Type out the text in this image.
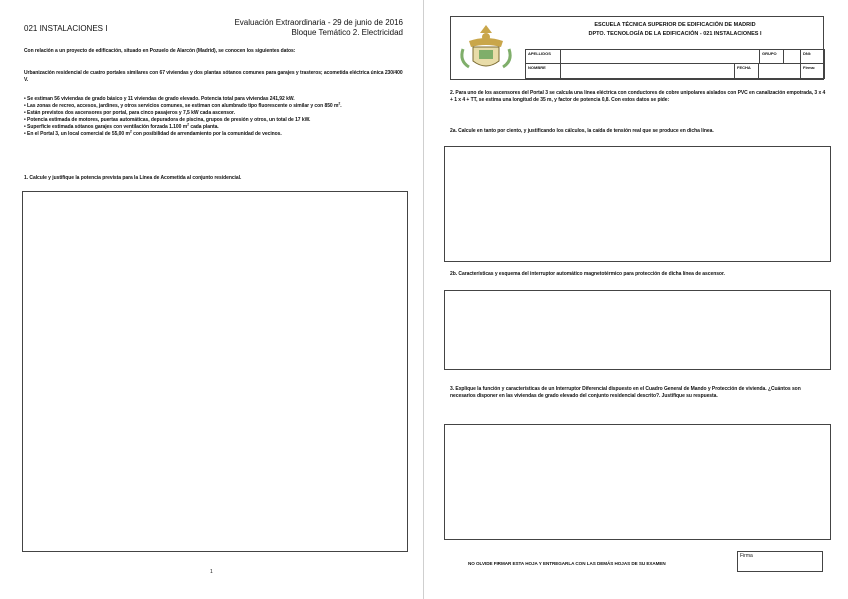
021 INSTALACIONES I
Evaluación Extraordinaria - 29 de junio de 2016
Bloque Temático 2. Electricidad
Con relación a un proyecto de edificación, situado en Pozuelo de Alarcón (Madrid), se conocen los siguientes datos:
Urbanización residencial de cuatro portales similares con 67 viviendas y dos plantas sótanos comunes para garajes y trasteros; acometida eléctrica única 230/400 V.

• Se estiman 56 viviendas de grado básico y 11 viviendas de grado elevado. Potencia total para viviendas 241,92 kW.

• Las zonas de recreo, accesos, jardines, y otros servicios comunes, se estiman con alumbrado tipo fluorescente o similar y con 850 $m^2$.

• Están previstos dos ascensores por portal, para cinco pasajeros y 7,5 kW cada ascensor.

• Potencia estimada de motores, puertas automáticas, depuradora de piscina, grupos de presión y otros, un total de 17 kW.

• Superficie estimada sótanos garajes con ventilación forzada 1.100 $m^2$ cada planta.

• En el Portal 3, un local comercial de 55,00 $m^2$ con posibilidad de arrendamiento por la comunidad de vecinos.

1. Calcule y justifique la potencia prevista para la Línea de Acometida al conjunto residencial.
1
ESCUELA TÉCNICA SUPERIOR DE EDIFICACIÓN DE MADRID
DPTO. TECNOLOGÍA DE LA EDIFICACIÓN - 021 INSTALACIONES I
APELLIDOS	GRUPO	DNI:
NOMBRE	FECHA	Firma:
2. Para uno de los ascensores del Portal 3 se calcula una línea eléctrica con conductores de cobre unipolares aislados con PVC en canalización empotrada, 3 x 4 + 1 x 4 + TT, se estima una longitud de 35 m, y factor de potencia 0,8. Con estos datos se pide:
2a. Calcule en tanto por ciento, y justificando los cálculos, la caída de tensión real que se produce en dicha línea.
2b. Características y esquema del interruptor automático magnetotérmico para protección de dicha línea de ascensor.
3. Explique la función y características de un Interruptor Diferencial dispuesto en el Cuadro General de Mando y Protección de vivienda. ¿Cuántos son necesarios disponer en las viviendas de grado elevado del conjunto residencial descrito?. Justifique su respuesta.
NO OLVIDE FIRMAR ESTA HOJA Y ENTREGARLA CON LAS DEMÁS HOJAS DE SU EXAMEN
Firma
